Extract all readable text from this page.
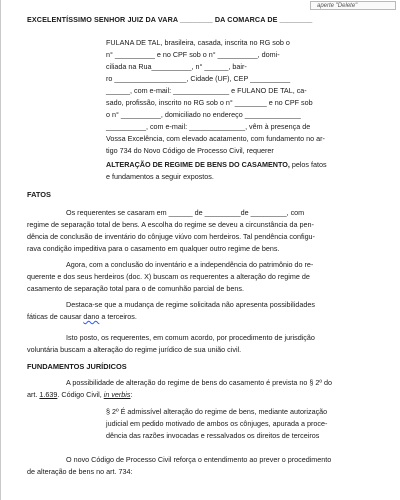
aperte "Delete"
EXCELENTÍSSIMO SENHOR JUIZ DA VARA ________ DA COMARCA DE ________

FULANA DE TAL, brasileira, casada, inscrita no RG sob o

n° __________ e no CPF sob o n° __________, domi-

ciliada na Rua__________, n° ______, bair-

ro __________________, Cidade (UF), CEP __________

______, com e-mail: ______________ e FULANO DE TAL, ca-

sado, profissão, inscrito no RG sob o n° ________ e no CPF sob

o n° __________, domiciliado no endereço ______________

__________, com e-mail: ______________, vêm à presença de

Vossa Excelência, com elevado acatamento, com fundamento no ar-

tigo 734 do Novo Código de Processo Civil, requerer

ALTERAÇÃO DE REGIME DE BENS DO CASAMENTO, pelos fatos

e fundamentos a seguir expostos.

FATOS

Os requerentes se casaram em ______ de _________de _________, com

regime de separação total de bens. A escolha do regime se deveu a circunstância da pen-

dência de conclusão de inventário do cônjuge viúvo com herdeiros. Tal pendência configu-

rava condição impeditiva para o casamento em qualquer outro regime de bens.

Agora, com a conclusão do inventário e a independência do patrimônio do re-

querente e dos seus herdeiros (doc. X) buscam os requerentes a alteração do regime de

casamento de separação total para o de comunhão parcial de bens.

Destaca-se que a mudança de regime solicitada não apresenta possibilidades

fáticas de causar dano a terceiros.

Isto posto, os requerentes, em comum acordo, por procedimento de jurisdição

voluntária buscam a alteração do regime jurídico de sua união civil.

FUNDAMENTOS JURÍDICOS

A possibilidade de alteração do regime de bens do casamento é prevista no § 2º do

art. 1.639. Código Civil, in verbis:

§ 2º É admissível alteração do regime de bens, mediante autorização

judicial em pedido motivado de ambos os cônjuges, apurada a proce-

dência das razões invocadas e ressalvados os direitos de terceiros

O novo Código de Processo Civil reforça o entendimento ao prever o procedimento

de alteração de bens no art. 734:
